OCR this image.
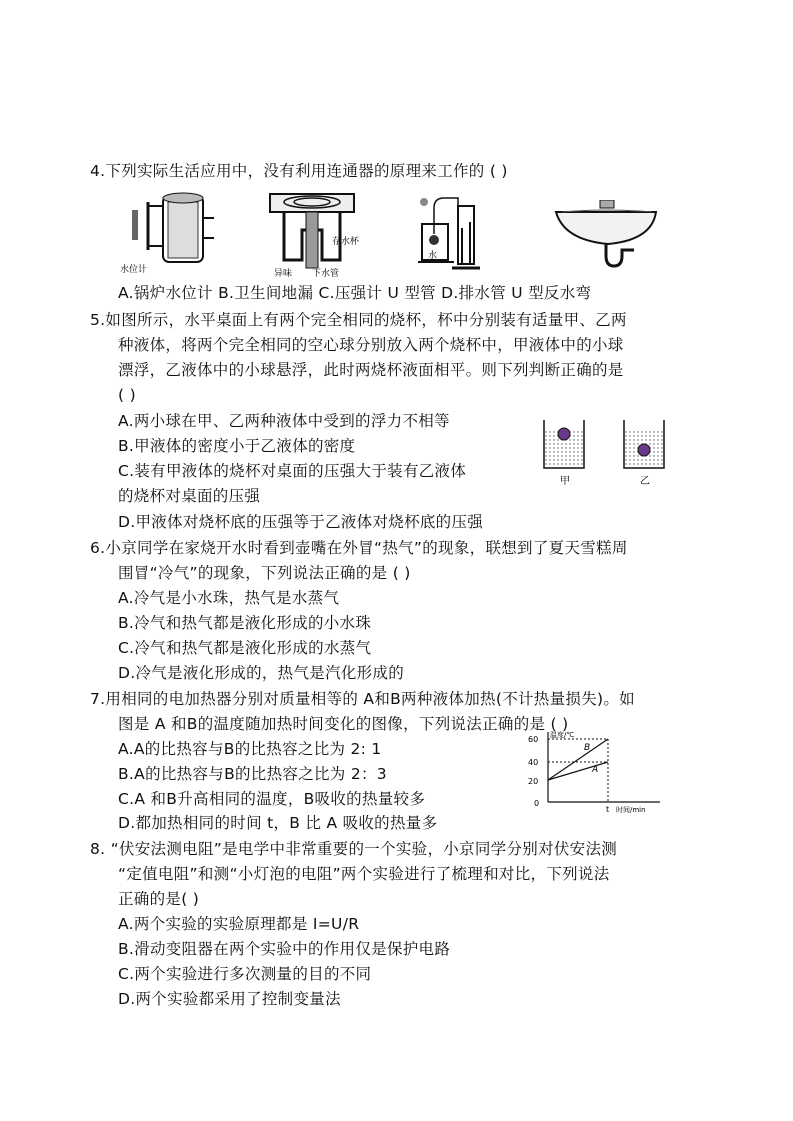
4.下列实际生活应用中，没有利用连通器的原理来工作的 ( )
水位计
存水杯
异味 下水管
水
A.锅炉水位计 B.卫生间地漏 C.压强计 U 型管 D.排水管 U 型反水弯
5.如图所示，水平桌面上有两个完全相同的烧杯，杯中分别装有适量甲、乙两
种液体，将两个完全相同的空心球分别放入两个烧杯中，甲液体中的小球
漂浮，乙液体中的小球悬浮，此时两烧杯液面相平。则下列判断正确的是
( )
A.两小球在甲、乙两种液体中受到的浮力不相等
B.甲液体的密度小于乙液体的密度
C.装有甲液体的烧杯对桌面的压强大于装有乙液体
的烧杯对桌面的压强
D.甲液体对烧杯底的压强等于乙液体对烧杯底的压强
甲	乙
6.小京同学在家烧开水时看到壶嘴在外冒“热气”的现象，联想到了夏天雪糕周
围冒“冷气”的现象，下列说法正确的是 ( )
A.冷气是小水珠，热气是水蒸气
B.冷气和热气都是液化形成的小水珠
C.冷气和热气都是液化形成的水蒸气
D.冷气是液化形成的，热气是汽化形成的
7.用相同的电加热器分别对质量相等的 A和B两种液体加热(不计热量损失)。如
图是 A 和B的温度随加热时间变化的图像，下列说法正确的是 ( )
A.A的比热容与B的比热容之比为 2: 1
B.A的比热容与B的比热容之比为 2：3
C.A 和B升高相同的温度，B吸收的热量较多
D.都加热相同的时间 t，B 比 A 吸收的热量多
温度/℃
60
40
20
0
B
A
t 时间/min
8. “伏安法测电阻”是电学中非常重要的一个实验，小京同学分别对伏安法测
“定值电阻”和测“小灯泡的电阻”两个实验进行了梳理和对比，下列说法
正确的是( )
A.两个实验的实验原理都是 I=U/R
B.滑动变阻器在两个实验中的作用仅是保护电路
C.两个实验进行多次测量的目的不同
D.两个实验都采用了控制变量法
